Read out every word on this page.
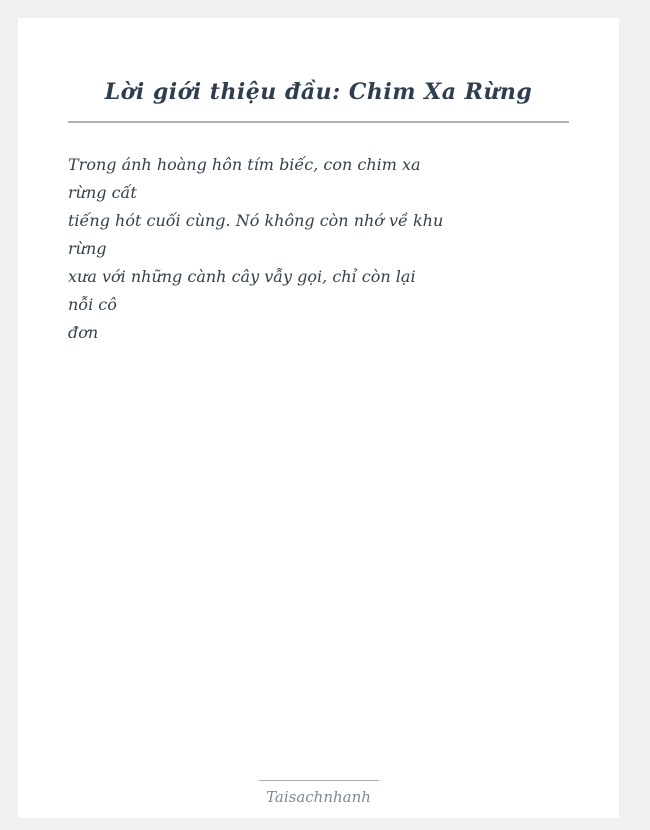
Lời giới thiệu đầu: Chim Xa Rừng
Trong ánh hoàng hôn tím biếc, con chim xa
rừng cất
tiếng hót cuối cùng. Nó không còn nhớ về khu
rừng
xưa với những cành cây vẫy gọi, chỉ còn lại
nỗi cô
đơn
Taisachnhanh
